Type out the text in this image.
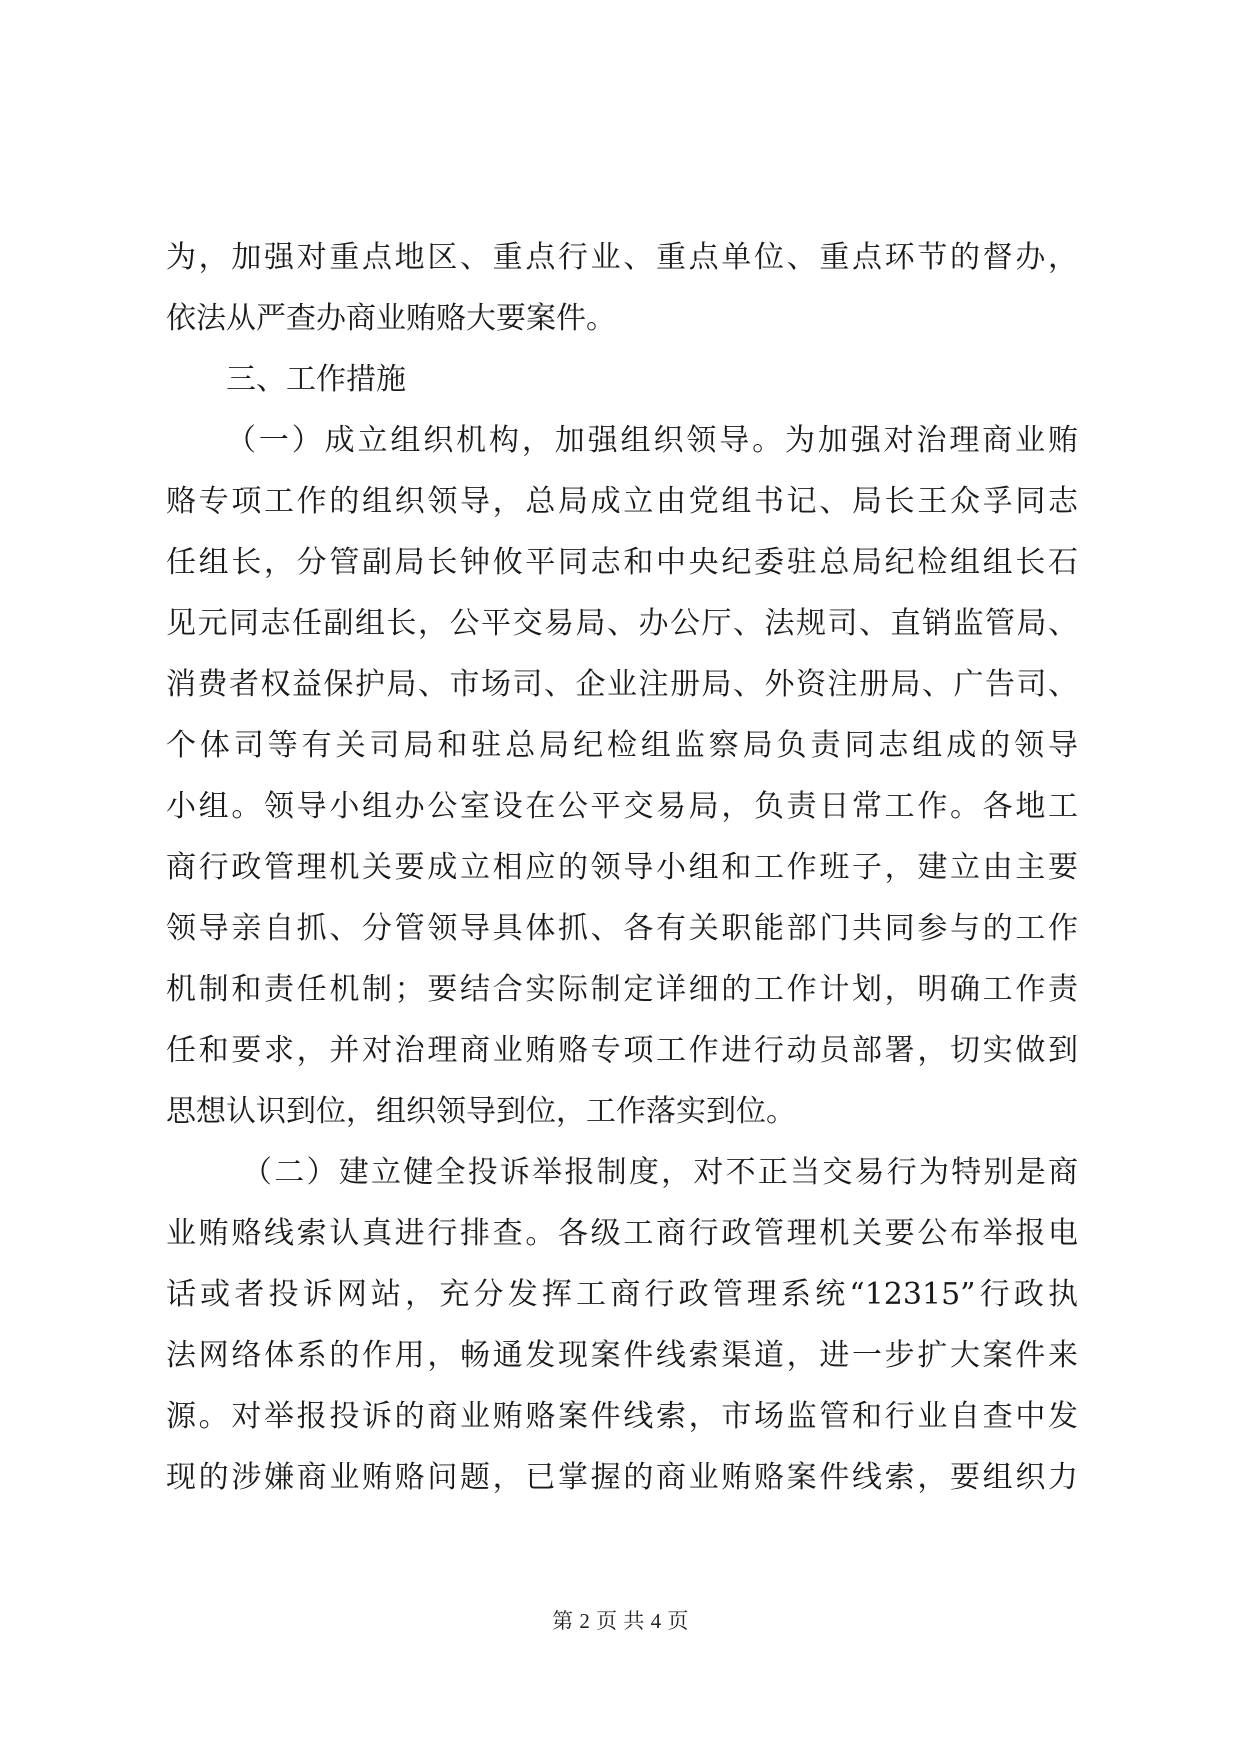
为，加强对重点地区、重点行业、重点单位、重点环节的督办，
依法从严查办商业贿赂大要案件。
三、工作措施
（一）成立组织机构，加强组织领导。为加强对治理商业贿
赂专项工作的组织领导，总局成立由党组书记、局长王众孚同志
任组长，分管副局长钟攸平同志和中央纪委驻总局纪检组组长石
见元同志任副组长，公平交易局、办公厅、法规司、直销监管局、
消费者权益保护局、市场司、企业注册局、外资注册局、广告司、
个体司等有关司局和驻总局纪检组监察局负责同志组成的领导
小组。领导小组办公室设在公平交易局，负责日常工作。各地工
商行政管理机关要成立相应的领导小组和工作班子，建立由主要
领导亲自抓、分管领导具体抓、各有关职能部门共同参与的工作
机制和责任机制；要结合实际制定详细的工作计划，明确工作责
任和要求，并对治理商业贿赂专项工作进行动员部署，切实做到
思想认识到位，组织领导到位，工作落实到位。
（二）建立健全投诉举报制度，对不正当交易行为特别是商
业贿赂线索认真进行排查。各级工商行政管理机关要公布举报电
话或者投诉网站，充分发挥工商行政管理系统“12315”行政执
法网络体系的作用，畅通发现案件线索渠道，进一步扩大案件来
源。对举报投诉的商业贿赂案件线索，市场监管和行业自查中发
现的涉嫌商业贿赂问题，已掌握的商业贿赂案件线索，要组织力
第 2 页 共 4 页
